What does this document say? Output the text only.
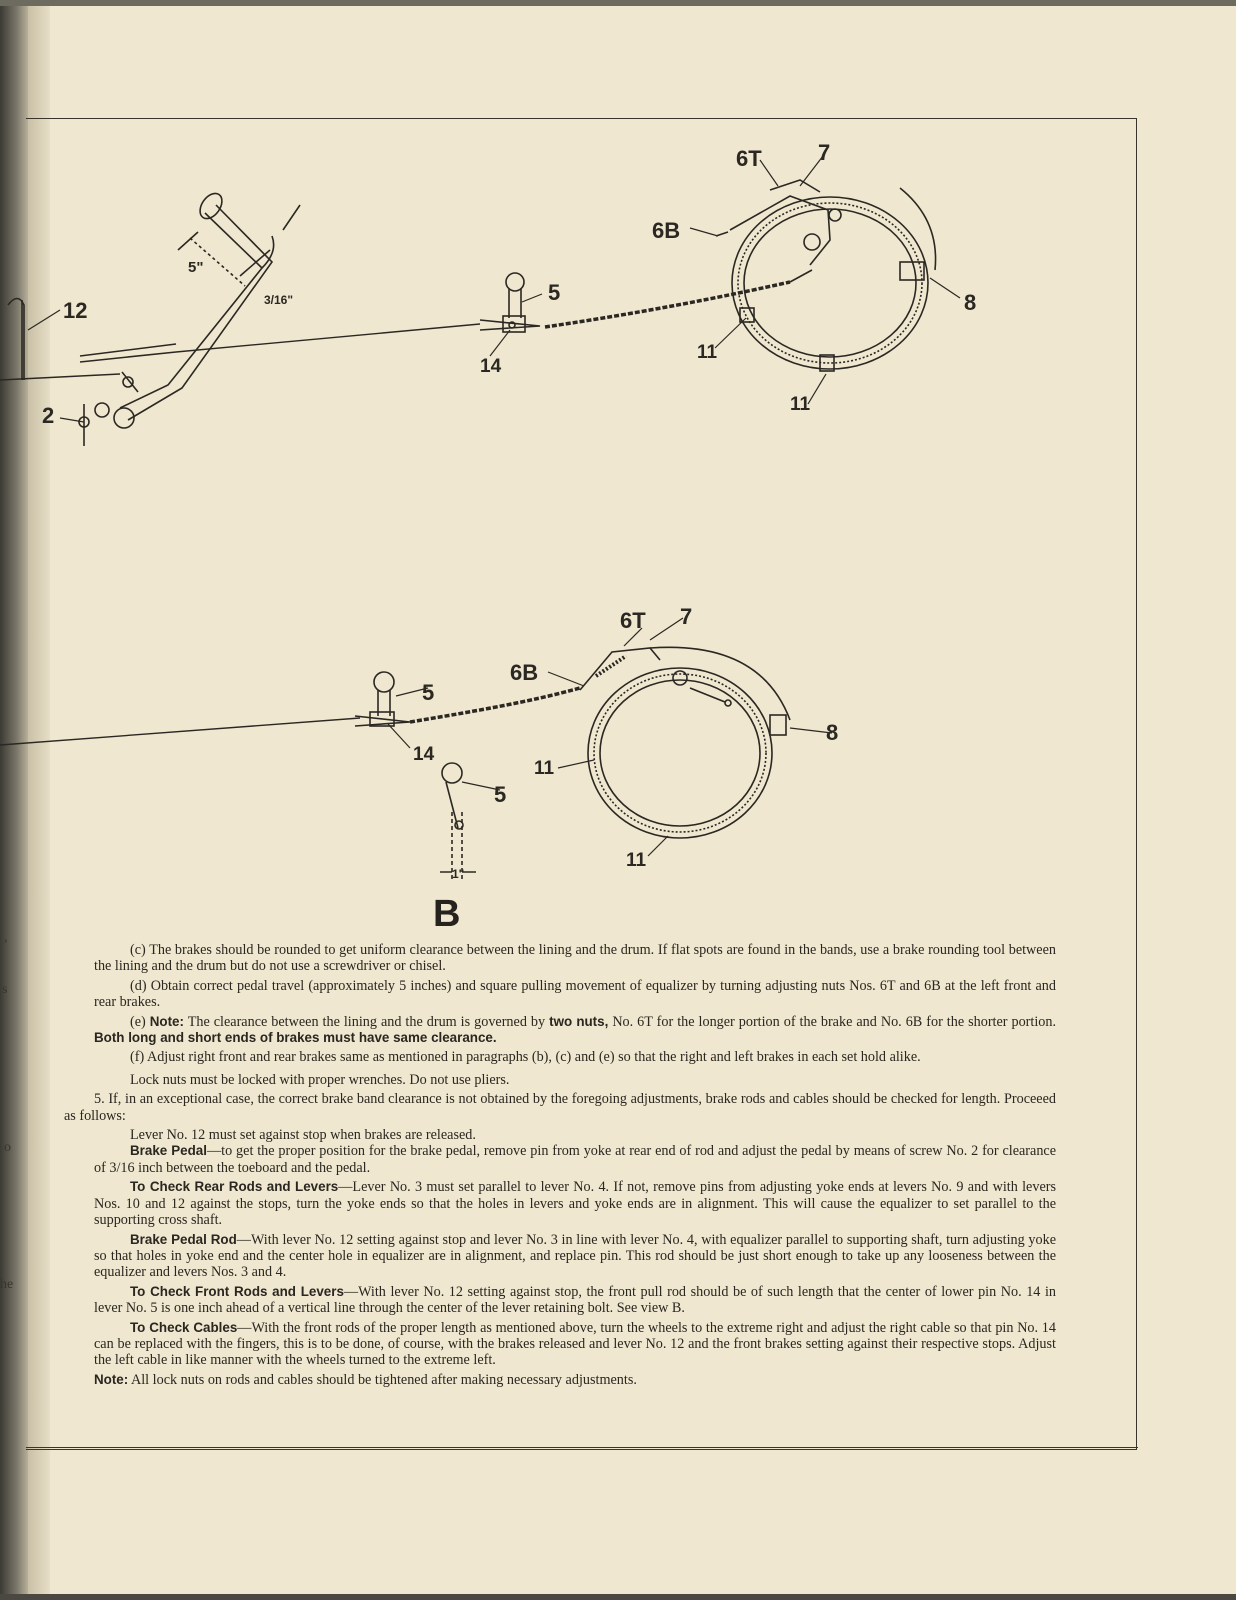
,
s
o
he
6T	7
6B
8
5
11
11
14
12
2
5"
3/16"
6T 7
6B
8
5
5
14
11
11
1"
B

(c) The brakes should be rounded to get uniform clearance between the lining and the drum. If flat spots are found in the bands, use a brake rounding tool between the lining and the drum but do not use a screwdriver or chisel.

(d) Obtain correct pedal travel (approximately 5 inches) and square pulling movement of equalizer by turning adjusting nuts Nos. 6T and 6B at the left front and rear brakes.

(e) Note: The clearance between the lining and the drum is governed by two nuts, No. 6T for the longer portion of the brake and No. 6B for the shorter portion. Both long and short ends of brakes must have same clearance.

(f) Adjust right front and rear brakes same as mentioned in paragraphs (b), (c) and (e) so that the right and left brakes in each set hold alike.

Lock nuts must be locked with proper wrenches. Do not use pliers.

5. If, in an exceptional case, the correct brake band clearance is not obtained by the foregoing adjustments, brake rods and cables should be checked for length. Proceeed as follows:

Lever No. 12 must set against stop when brakes are released.

Brake Pedal—to get the proper position for the brake pedal, remove pin from yoke at rear end of rod and adjust the pedal by means of screw No. 2 for clearance of 3/16 inch between the toeboard and the pedal.

To Check Rear Rods and Levers—Lever No. 3 must set parallel to lever No. 4. If not, remove pins from adjusting yoke ends at levers No. 9 and with levers Nos. 10 and 12 against the stops, turn the yoke ends so that the holes in levers and yoke ends are in alignment. This will cause the equalizer to set parallel to the supporting cross shaft.

Brake Pedal Rod—With lever No. 12 setting against stop and lever No. 3 in line with lever No. 4, with equalizer parallel to supporting shaft, turn adjusting yoke so that holes in yoke end and the center hole in equalizer are in alignment, and replace pin. This rod should be just short enough to take up any looseness between the equalizer and levers Nos. 3 and 4.

To Check Front Rods and Levers—With lever No. 12 setting against stop, the front pull rod should be of such length that the center of lower pin No. 14 in lever No. 5 is one inch ahead of a vertical line through the center of the lever retaining bolt. See view B.

To Check Cables—With the front rods of the proper length as mentioned above, turn the wheels to the extreme right and adjust the right cable so that pin No. 14 can be replaced with the fingers, this is to be done, of course, with the brakes released and lever No. 12 and the front brakes setting against their respective stops. Adjust the left cable in like manner with the wheels turned to the extreme left.

Note: All lock nuts on rods and cables should be tightened after making necessary adjustments.
